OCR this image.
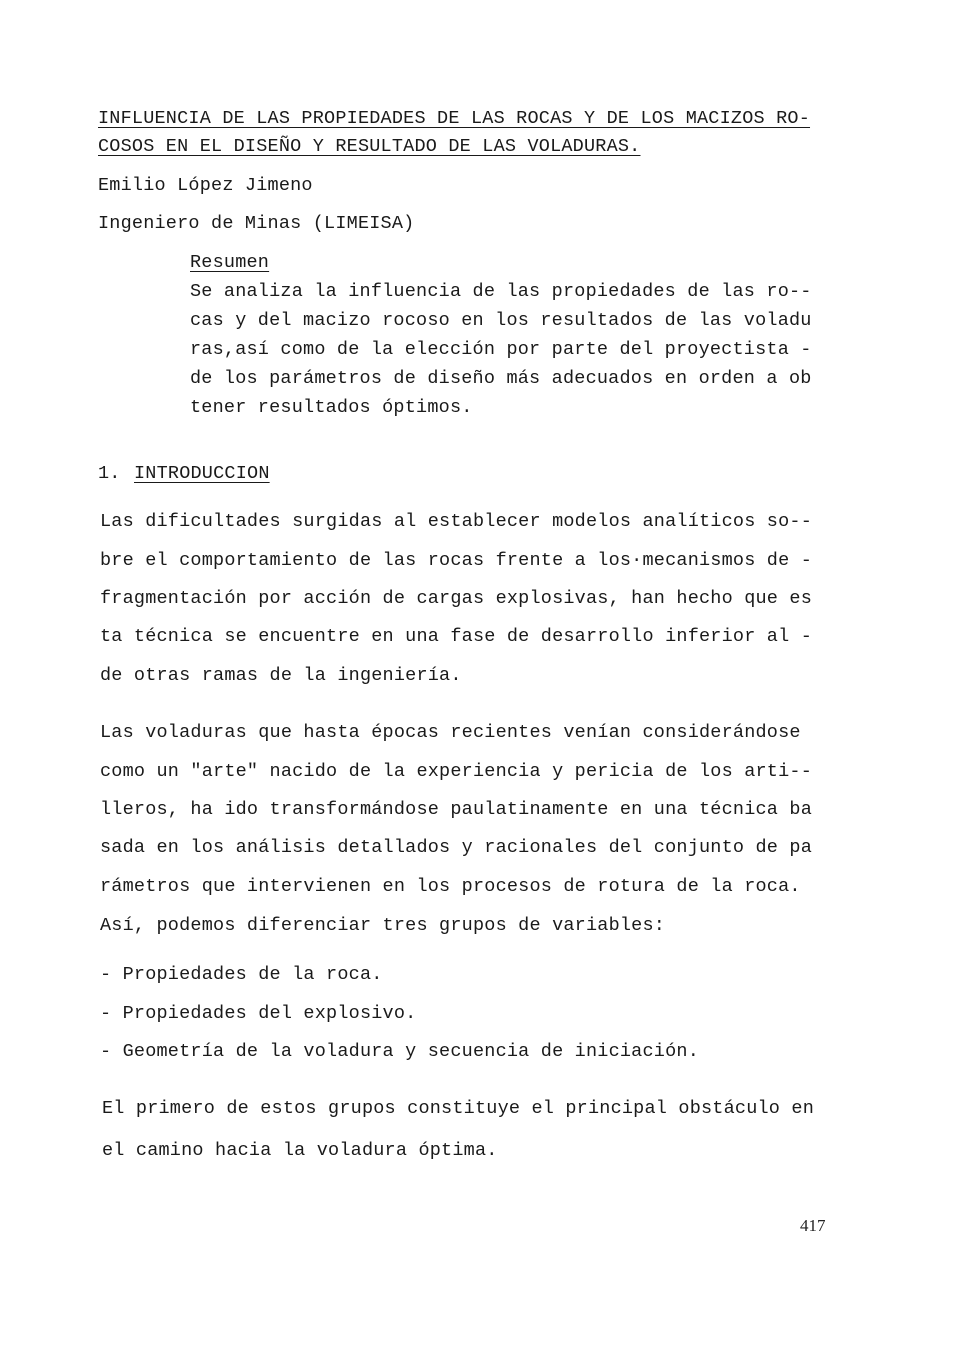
INFLUENCIA DE LAS PROPIEDADES DE LAS ROCAS Y DE LOS MACIZOS RO-
COSOS EN EL DISEÑO Y RESULTADO DE LAS VOLADURAS.
Emilio López Jimeno
Ingeniero de Minas (LIMEISA)
Resumen
Se analiza la influencia de las propiedades de las ro--
cas y del macizo rocoso en los resultados de las voladu
ras,así como de la elección por parte del proyectista -
de los parámetros de diseño más adecuados en orden a ob
tener resultados óptimos.
1. INTRODUCCION
Las dificultades surgidas al establecer modelos analíticos so--
bre el comportamiento de las rocas frente a los·mecanismos de -
fragmentación por acción de cargas explosivas, han hecho que es
ta técnica se encuentre en una fase de desarrollo inferior al -
de otras ramas de la ingeniería.
Las voladuras que hasta épocas recientes venían considerándose
como un "arte" nacido de la experiencia y pericia de los arti--
lleros, ha ido transformándose paulatinamente en una técnica ba
sada en los análisis detallados y racionales del conjunto de pa
rámetros que intervienen en los procesos de rotura de la roca.
Así, podemos diferenciar tres grupos de variables:
- Propiedades de la roca.
- Propiedades del explosivo.
- Geometría de la voladura y secuencia de iniciación.
El primero de estos grupos constituye el principal obstáculo en
el camino hacia la voladura óptima.
417
